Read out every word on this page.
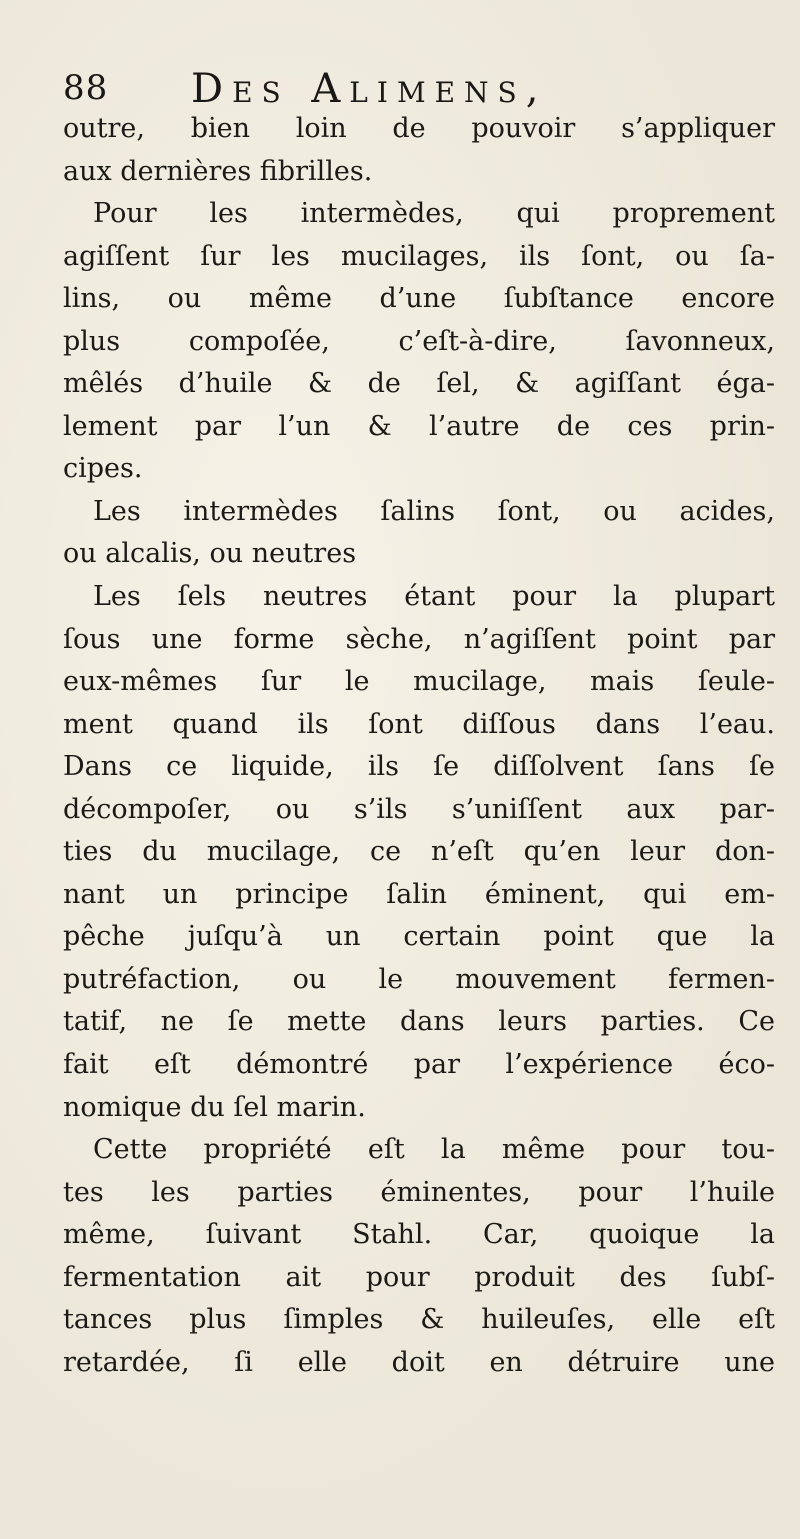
88 Des Alimens,
outre, bien loin de pouvoir s’appliquer
aux dernières fibrilles.
Pour les intermèdes, qui proprement
agiſſent ſur les mucilages, ils ſont, ou ſa-
lins, ou même d’une ſubſtance encore
plus compoſée, c’eſt-à-dire, ſavonneux,
mêlés d’huile & de ſel, & agiſſant éga-
lement par l’un & l’autre de ces prin-
cipes.
Les intermèdes ſalins ſont, ou acides,
ou alcalis, ou neutres
Les ſels neutres étant pour la plupart
ſous une forme sèche, n’agiſſent point par
eux-mêmes ſur le mucilage, mais ſeule-
ment quand ils ſont diſſous dans l’eau.
Dans ce liquide, ils ſe diſſolvent ſans ſe
décompoſer, ou s’ils s’uniſſent aux par-
ties du mucilage, ce n’eſt qu’en leur don-
nant un principe ſalin éminent, qui em-
pêche juſqu’à un certain point que la
putréfaction, ou le mouvement fermen-
tatif, ne ſe mette dans leurs parties. Ce
fait eſt démontré par l’expérience éco-
nomique du ſel marin.
Cette propriété eſt la même pour tou-
tes les parties éminentes, pour l’huile
même, ſuivant Stahl. Car, quoique la
fermentation ait pour produit des ſubſ-
tances plus ſimples & huileuſes, elle eſt
retardée, ſi elle doit en détruire une
